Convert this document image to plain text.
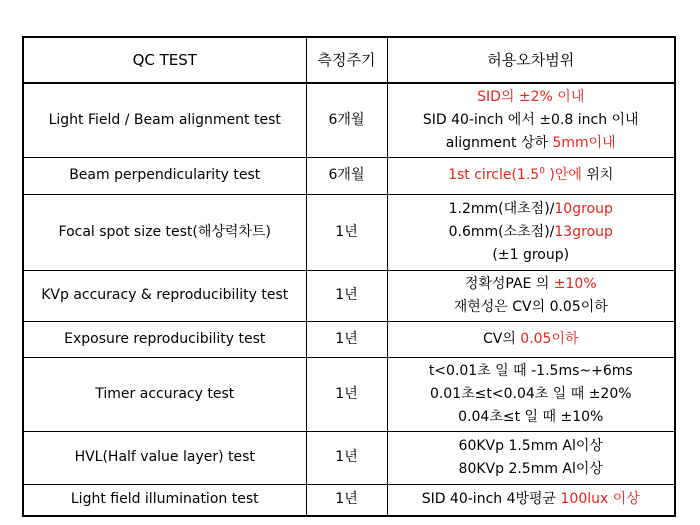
QC TEST	측정주기	허용오차범위
Light Field / Beam alignment test	6개월	SID의 ±2% 이내
SID 40-inch 에서 ±0.8 inch 이내
alignment 상하 5mm이내

Beam perpendicularity test	6개월	1st $circle(1.5^0$ )안에 위치

Focal spot size test(해상력차트)	1년	1.2mm(대초점)/10group
0.6mm(소초점)/13group
(±1 group)

KVp accuracy & reproducibility test	1년	정확성PAE 의 ±10%
재현성은 CV의 0.05이하

Exposure reproducibility test	1년	CV의 0.05이하

Timer accuracy test	1년	t<0.01초 일 때 -1.5ms~+6ms
0.01초≤t<0.04초 일 때 ±20%
0.04초≤t 일 때 ±10%

HVL(Half value layer) test	1년	60KVp 1.5mm Al이상
80KVp 2.5mm Al이상

Light field illumination test	1년	SID 40-inch 4방평균 100lux 이상
